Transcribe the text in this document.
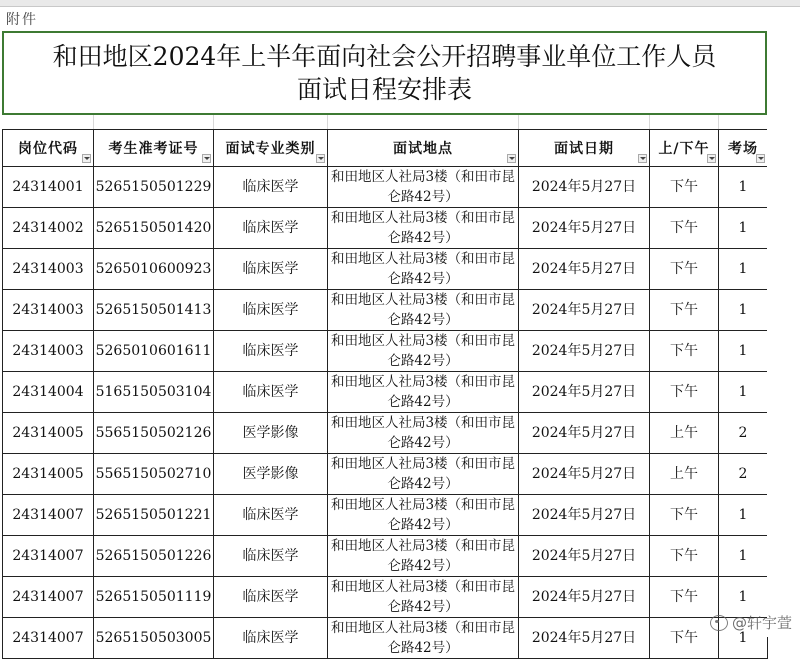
附件
和田地区2024年上半年面向社会公开招聘事业单位工作人员
面试日程安排表
岗位代码	考生准考证号	面试专业类别	面试地点	面试日期	上/下午	考场

24314001	5265150501229	临床医学	和田地区人社局3楼（和田市昆仑路42号）	2024年5月27日	下午	1
24314002	5265150501420	临床医学	和田地区人社局3楼（和田市昆仑路42号）	2024年5月27日	下午	1
24314003	5265010600923	临床医学	和田地区人社局3楼（和田市昆仑路42号）	2024年5月27日	下午	1
24314003	5265150501413	临床医学	和田地区人社局3楼（和田市昆仑路42号）	2024年5月27日	下午	1
24314003	5265010601611	临床医学	和田地区人社局3楼（和田市昆仑路42号）	2024年5月27日	下午	1
24314004	5165150503104	临床医学	和田地区人社局3楼（和田市昆仑路42号）	2024年5月27日	下午	1
24314005	5565150502126	医学影像	和田地区人社局3楼（和田市昆仑路42号）	2024年5月27日	上午	2
24314005	5565150502710	医学影像	和田地区人社局3楼（和田市昆仑路42号）	2024年5月27日	上午	2
24314007	5265150501221	临床医学	和田地区人社局3楼（和田市昆仑路42号）	2024年5月27日	下午	1
24314007	5265150501226	临床医学	和田地区人社局3楼（和田市昆仑路42号）	2024年5月27日	下午	1
24314007	5265150501119	临床医学	和田地区人社局3楼（和田市昆仑路42号）	2024年5月27日	下午	1
24314007	5265150503005	临床医学	和田地区人社局3楼（和田市昆仑路42号）	2024年5月27日	下午	1
@轩宇萱
